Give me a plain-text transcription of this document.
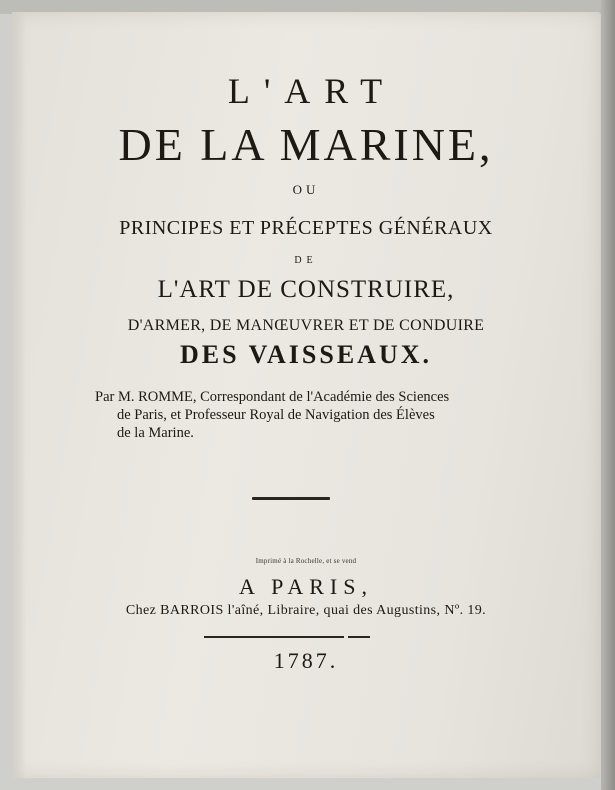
L'ART
DE LA MARINE,
OU
PRINCIPES ET PRÉCEPTES GÉNÉRAUX
DE
L'ART DE CONSTRUIRE,
D'ARMER, DE MANŒUVRER ET DE CONDUIRE
DES VAISSEAUX.

Par M. ROMME, Correspondant de l'Académie des Sciences

de Paris, et Professeur Royal de Navigation des Élèves

de la Marine.

Imprimé à la Rochelle, et se vend
A PARIS,
Chez BARROIS l'aîné, Libraire, quai des Augustins, Nº. 19.
1787.
